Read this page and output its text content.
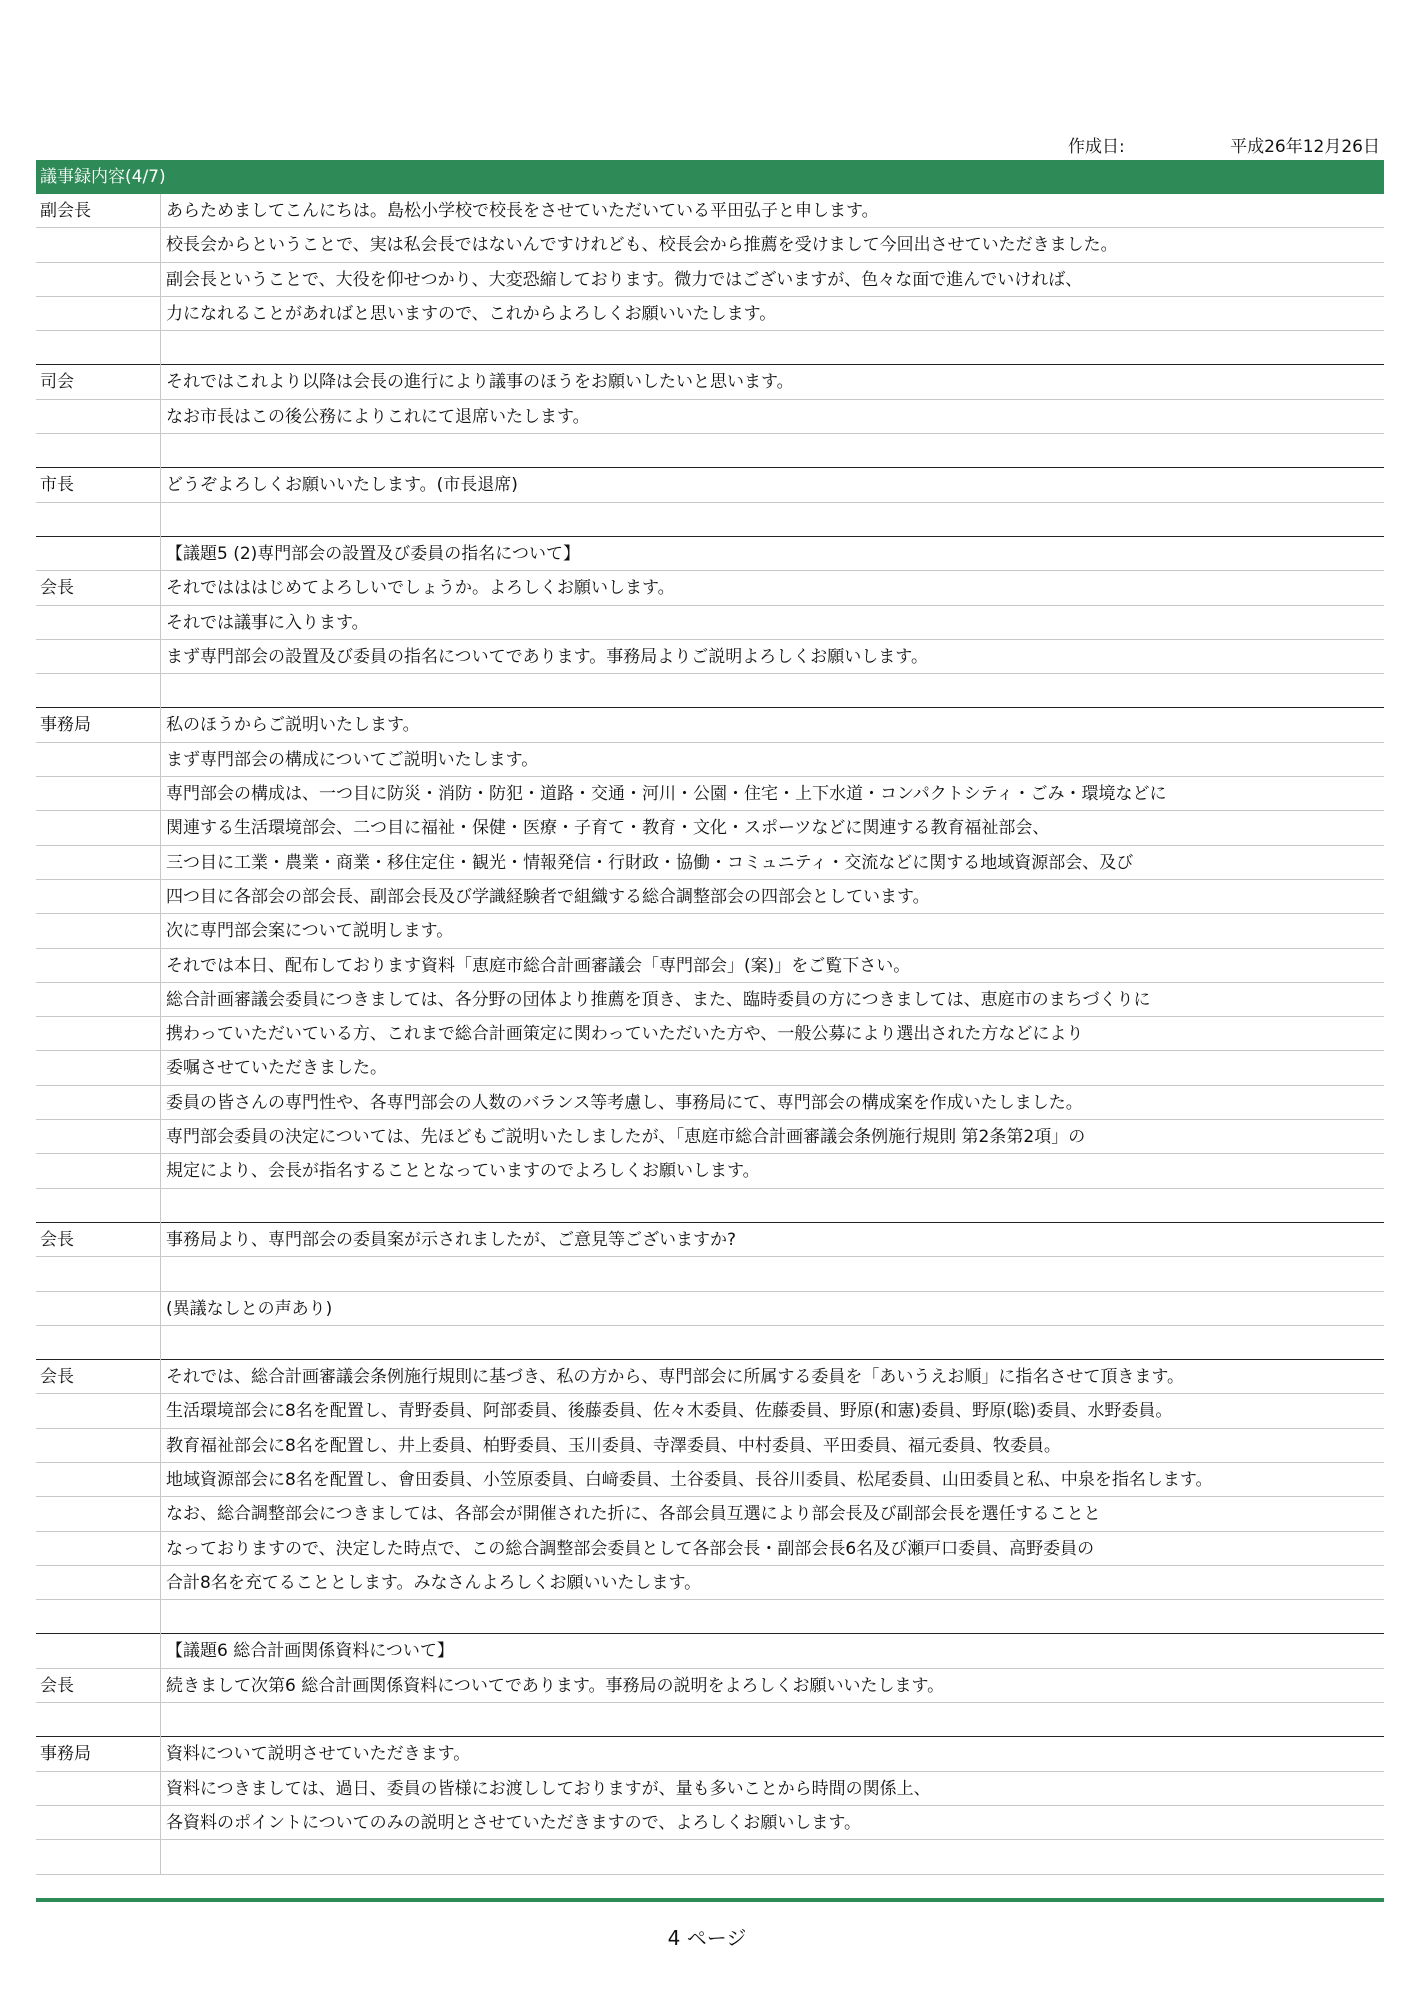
作成日:	平成26年12月26日
議事録内容(4/7)
副会長	あらためましてこんにちは。島松小学校で校長をさせていただいている平田弘子と申します。
校長会からということで、実は私会長ではないんですけれども、校長会から推薦を受けまして今回出させていただきました。
副会長ということで、大役を仰せつかり、大変恐縮しております。微力ではございますが、色々な面で進んでいければ、
力になれることがあればと思いますので、これからよろしくお願いいたします。
司会	それではこれより以降は会長の進行により議事のほうをお願いしたいと思います。
なお市長はこの後公務によりこれにて退席いたします。
市長	どうぞよろしくお願いいたします。(市長退席)
【議題5 (2)専門部会の設置及び委員の指名について】
会長	それではははじめてよろしいでしょうか。よろしくお願いします。
それでは議事に入ります。
まず専門部会の設置及び委員の指名についてであります。事務局よりご説明よろしくお願いします。
事務局	私のほうからご説明いたします。
まず専門部会の構成についてご説明いたします。
専門部会の構成は、一つ目に防災・消防・防犯・道路・交通・河川・公園・住宅・上下水道・コンパクトシティ・ごみ・環境などに
関連する生活環境部会、二つ目に福祉・保健・医療・子育て・教育・文化・スポーツなどに関連する教育福祉部会、
三つ目に工業・農業・商業・移住定住・観光・情報発信・行財政・協働・コミュニティ・交流などに関する地域資源部会、及び
四つ目に各部会の部会長、副部会長及び学識経験者で組織する総合調整部会の四部会としています。
次に専門部会案について説明します。
それでは本日、配布しております資料「恵庭市総合計画審議会「専門部会」(案)」をご覧下さい。
総合計画審議会委員につきましては、各分野の団体より推薦を頂き、また、臨時委員の方につきましては、恵庭市のまちづくりに
携わっていただいている方、これまで総合計画策定に関わっていただいた方や、一般公募により選出された方などにより
委嘱させていただきました。
委員の皆さんの専門性や、各専門部会の人数のバランス等考慮し、事務局にて、専門部会の構成案を作成いたしました。
専門部会委員の決定については、先ほどもご説明いたしましたが、「恵庭市総合計画審議会条例施行規則 第2条第2項」の
規定により、会長が指名することとなっていますのでよろしくお願いします。
会長	事務局より、専門部会の委員案が示されましたが、ご意見等ございますか?
(異議なしとの声あり)
会長	それでは、総合計画審議会条例施行規則に基づき、私の方から、専門部会に所属する委員を「あいうえお順」に指名させて頂きます。
生活環境部会に8名を配置し、青野委員、阿部委員、後藤委員、佐々木委員、佐藤委員、野原(和憲)委員、野原(聡)委員、水野委員。
教育福祉部会に8名を配置し、井上委員、柏野委員、玉川委員、寺澤委員、中村委員、平田委員、福元委員、牧委員。
地域資源部会に8名を配置し、會田委員、小笠原委員、白﨑委員、土谷委員、長谷川委員、松尾委員、山田委員と私、中泉を指名します。
なお、総合調整部会につきましては、各部会が開催された折に、各部会員互選により部会長及び副部会長を選任することと
なっておりますので、決定した時点で、この総合調整部会委員として各部会長・副部会長6名及び瀬戸口委員、高野委員の
合計8名を充てることとします。みなさんよろしくお願いいたします。
【議題6 総合計画関係資料について】
会長	続きまして次第6 総合計画関係資料についてであります。事務局の説明をよろしくお願いいたします。
事務局	資料について説明させていただきます。
資料につきましては、過日、委員の皆様にお渡ししておりますが、量も多いことから時間の関係上、
各資料のポイントについてのみの説明とさせていただきますので、よろしくお願いします。
4 ページ
